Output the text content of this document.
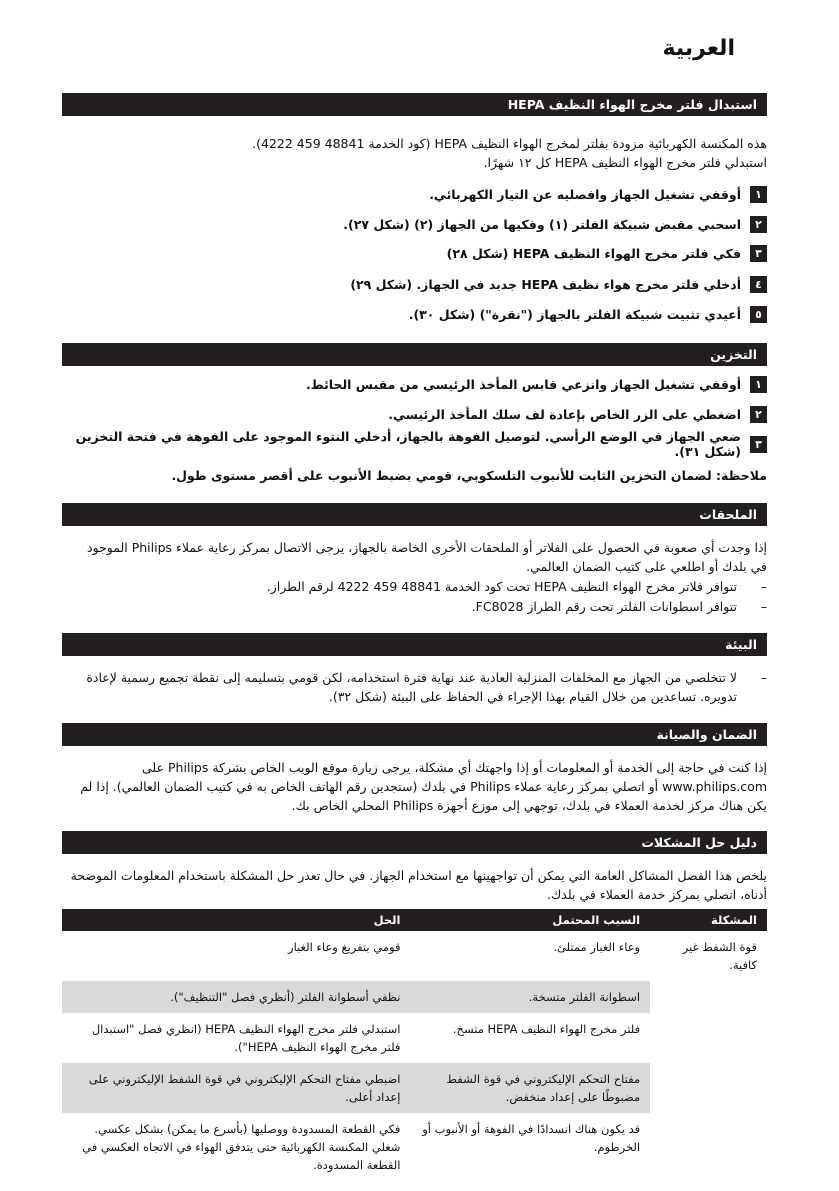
العربية
استبدال فلتر مخرج الهواء النظيف HEPA
هذه المكنسة الكهربائية مزودة بفلتر لمخرج الهواء النظيف HEPA (كود الخدمة 48841 459 4222).
استبدلي فلتر مخرج الهواء النظيف HEPA كل ١٢ شهرًا.
١
أوقفي تشغيل الجهاز وافصليه عن التيار الكهربائي.
٢
اسحبي مقبض شبيكة الفلتر (١) وفكيها من الجهاز (٢) (شكل ٢٧).
٣
فكي فلتر مخرج الهواء النظيف HEPA (شكل ٢٨)
٤
أدخلي فلتر مخرج هواء نظيف HEPA جديد في الجهاز. (شكل ٢٩)
٥
أعيدي تثبيت شبيكة الفلتر بالجهاز ("نقرة") (شكل ٣٠).
التخزين
١
أوقفي تشغيل الجهاز وانزعي قابس المأخذ الرئيسي من مقبس الحائط.
٢
اضغطي على الزر الخاص بإعادة لف سلك المأخذ الرئيسي.
٣
ضعي الجهاز في الوضع الرأسي. لتوصيل الفوهة بالجهاز، أدخلي النتوء الموجود على الفوهة في فتحة التخزين (شكل ٣١).
ملاحظة: لضمان التخزين الثابت للأنبوب التلسكوبي، قومي بضبط الأنبوب على أقصر مستوى طول.
الملحقات
إذا وجدت أي صعوبة في الحصول على الفلاتر أو الملحقات الأخرى الخاصة بالجهاز، يرجى الاتصال بمركز رعاية عملاء Philips الموجود في بلدك أو اطلعي على كتيب الضمان العالمي.
–
تتوافر فلاتر مخرج الهواء النظيف HEPA تحت كود الخدمة 48841 459 4222 لرقم الطراز.
–
تتوافر اسطوانات الفلتر تحت رقم الطراز FC8028.
البيئة
–
لا تتخلصي من الجهاز مع المخلفات المنزلية العادية عند نهاية فترة استخدامه، لكن قومي بتسليمه إلى نقطة تجميع رسمية لإعادة تدويره. تساعدين من خلال القيام بهذا الإجراء في الحفاظ على البيئة (شكل ٣٢).
الضمان والصيانة
إذا كنت في حاجة إلى الخدمة أو المعلومات أو إذا واجهتك أي مشكلة، يرجى زيارة موقع الويب الخاص بشركة Philips على www.philips.com أو اتصلي بمركز رعاية عملاء Philips في بلدك (ستجدين رقم الهاتف الخاص به في كتيب الضمان العالمي). إذا لم يكن هناك مركز لخدمة العملاء في بلدك، توجهي إلى موزع أجهزة Philips المحلي الخاص بك.
دليل حل المشكلات
يلخص هذا الفصل المشاكل العامة التي يمكن أن تواجهينها مع استخدام الجهاز. في حال تعذر حل المشكلة باستخدام المعلومات الموضحة أدناه، اتصلي بمركز خدمة العملاء في بلدك.
المشكلة	السبب المحتمل	الحل
قوة الشفط غير كافية.	وعاء الغبار ممتلئ.	قومي بتفريغ وعاء الغبار
	اسطوانة الفلتر متسخة.	نظفي أسطوانة الفلتر (أنظري فصل "التنظيف").
	فلتر مخرج الهواء النظيف HEPA متسخ.	استبدلي فلتر مخرج الهواء النظيف HEPA (انظري فصل "استبدال فلتر مخرج الهواء النظيف HEPA").
	مفتاح التحكم الإليكتروني في قوة الشفط مضبوطًا على إعداد منخفض.	اضبطي مفتاح التحكم الإليكتروني في قوة الشفط الإليكتروني على إعداد أعلى.
	قد يكون هناك انسدادًا في الفوهة أو الأنبوب أو الخرطوم.	فكي القطعة المسدودة ووصليها (بأسرع ما يمكن) بشكل عكسي. شغلي المكنسة الكهربائية حتى يتدفق الهواء في الاتجاه العكسي في القطعة المسدودة.
